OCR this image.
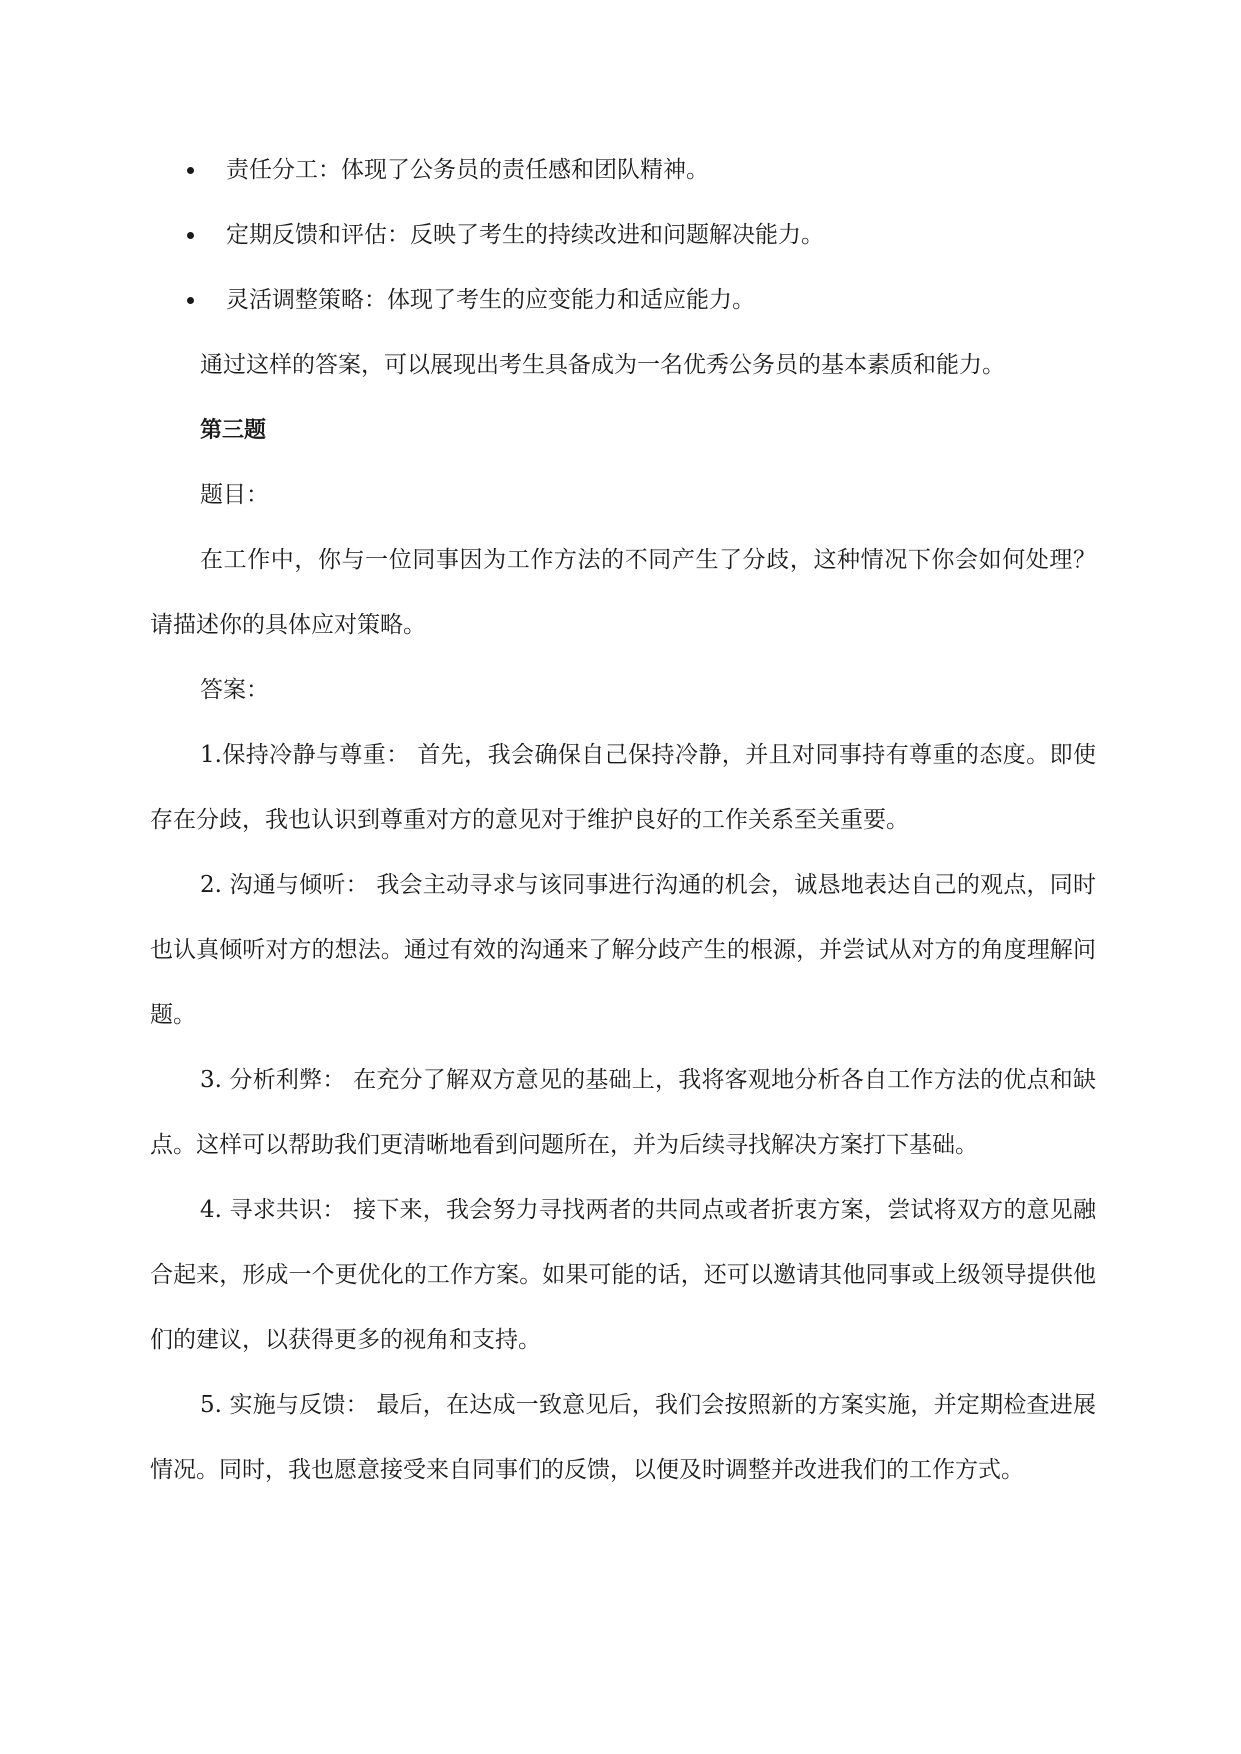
责任分工：体现了公务员的责任感和团队精神。
定期反馈和评估：反映了考生的持续改进和问题解决能力。
灵活调整策略：体现了考生的应变能力和适应能力。

通过这样的答案，可以展现出考生具备成为一名优秀公务员的基本素质和能力。

第三题

题目：

在工作中，你与一位同事因为工作方法的不同产生了分歧，这种情况下你会如何处理？请描述你的具体应对策略。

答案：

1.保持冷静与尊重： 首先，我会确保自己保持冷静，并且对同事持有尊重的态度。即使存在分歧，我也认识到尊重对方的意见对于维护良好的工作关系至关重要。

2. 沟通与倾听： 我会主动寻求与该同事进行沟通的机会，诚恳地表达自己的观点，同时也认真倾听对方的想法。通过有效的沟通来了解分歧产生的根源，并尝试从对方的角度理解问题。

3. 分析利弊： 在充分了解双方意见的基础上，我将客观地分析各自工作方法的优点和缺点。这样可以帮助我们更清晰地看到问题所在，并为后续寻找解决方案打下基础。

4. 寻求共识： 接下来，我会努力寻找两者的共同点或者折衷方案，尝试将双方的意见融合起来，形成一个更优化的工作方案。如果可能的话，还可以邀请其他同事或上级领导提供他们的建议，以获得更多的视角和支持。

5. 实施与反馈： 最后，在达成一致意见后，我们会按照新的方案实施，并定期检查进展情况。同时，我也愿意接受来自同事们的反馈，以便及时调整并改进我们的工作方式。
